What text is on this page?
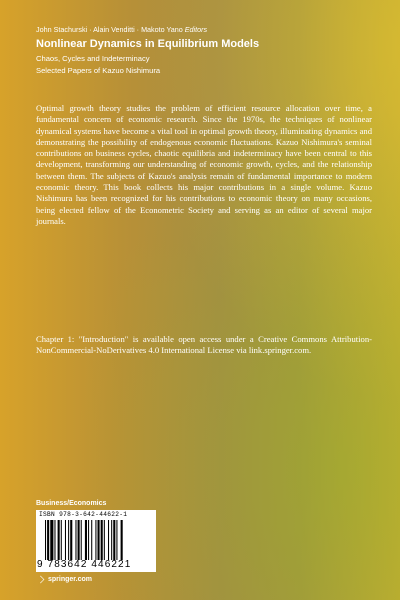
John Stachurski · Alain Venditti · Makoto Yano Editors
Nonlinear Dynamics in Equilibrium Models
Chaos, Cycles and Indeterminacy
Selected Papers of Kazuo Nishimura
Optimal growth theory studies the problem of efficient resource allocation over time, a fundamental concern of economic research. Since the 1970s, the techniques of nonlinear dynamical systems have become a vital tool in optimal growth theory, illuminating dynamics and demonstrating the possibility of endogenous economic fluctuations. Kazuo Nishimura's seminal contributions on business cycles, chaotic equilibria and indeterminacy have been central to this development, transforming our understanding of economic growth, cycles, and the relationship between them. The subjects of Kazuo's analysis remain of fundamental importance to modern economic theory. This book collects his major contributions in a single volume. Kazuo Nishimura has been recognized for his contributions to economic theory on many occasions, being elected fellow of the Econometric Society and serving as an editor of several major journals.
Chapter 1: "Introduction" is available open access under a Creative Commons Attribution-NonCommercial-NoDerivatives 4.0 International License via link.springer.com.
Business/Economics
ISBN 978-3-642-44622-1
9 783642 446221
springer.com
